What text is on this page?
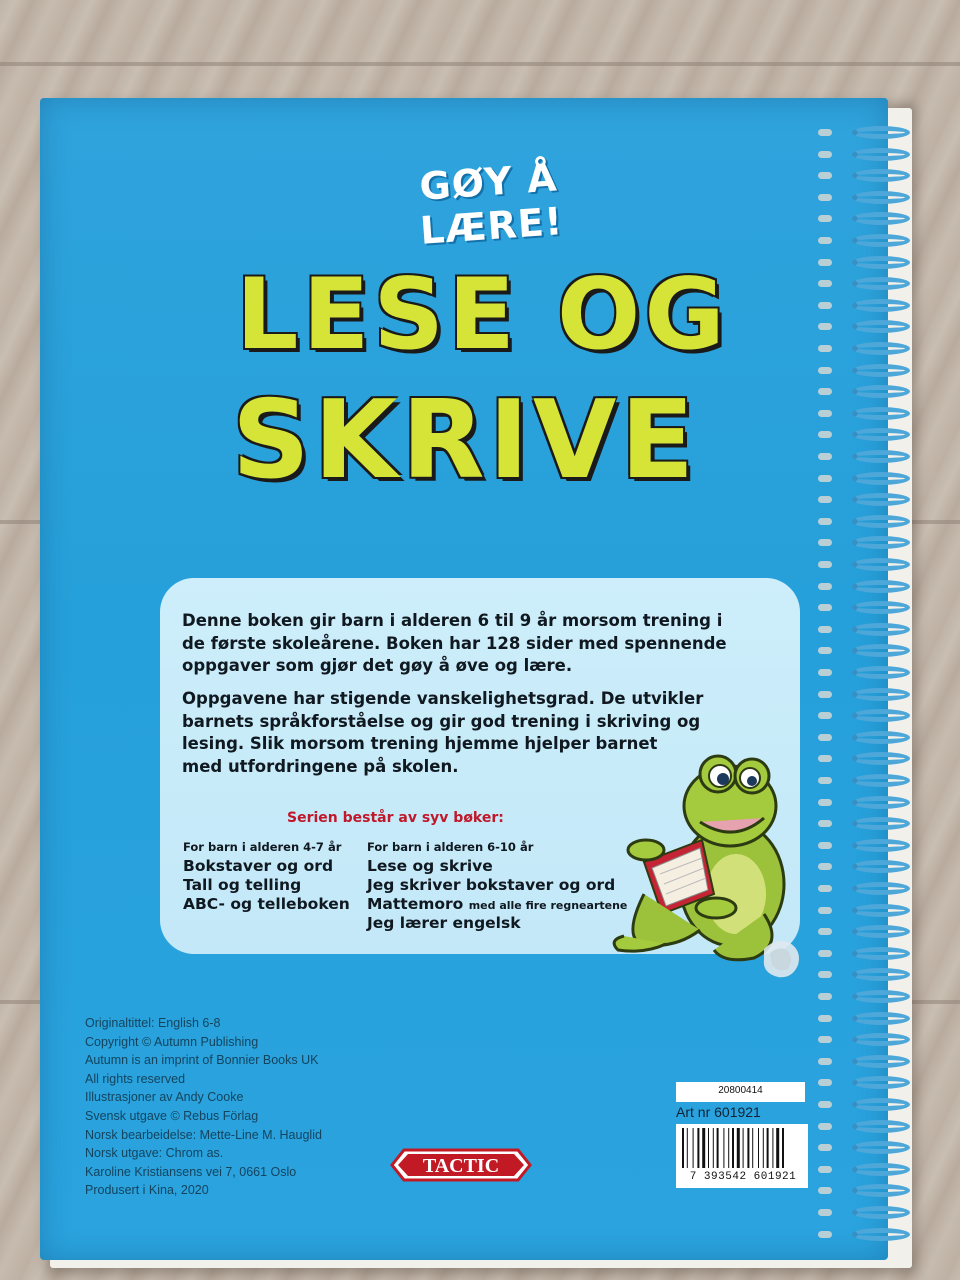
GØY Å LÆRE!
LESE OG
SKRIVE
Denne boken gir barn i alderen 6 til 9 år morsom trening i
de første skoleårene. Boken har 128 sider med spennende
oppgaver som gjør det gøy å øve og lære.
Oppgavene har stigende vanskelighetsgrad. De utvikler
barnets språkforståelse og gir god trening i skriving og
lesing. Slik morsom trening hjemme hjelper barnet
med utfordringene på skolen.
Serien består av syv bøker:
For barn i alderen 4-7 år
Bokstaver og ord
Tall og telling
ABC- og telleboken
For barn i alderen 6-10 år
Lese og skrive
Jeg skriver bokstaver og ord
Mattemoro med alle fire regneartene
Jeg lærer engelsk
Originaltittel: English 6-8
Copyright © Autumn Publishing
Autumn is an imprint of Bonnier Books UK
All rights reserved
Illustrasjoner av Andy Cooke
Svensk utgave © Rebus Förlag
Norsk bearbeidelse: Mette-Line M. Hauglid
Norsk utgave: Chrom as.
Karoline Kristiansens vei 7, 0661 Oslo
Produsert i Kina, 2020
TACTIC
20800414
Art nr 601921
7 393542 601921
